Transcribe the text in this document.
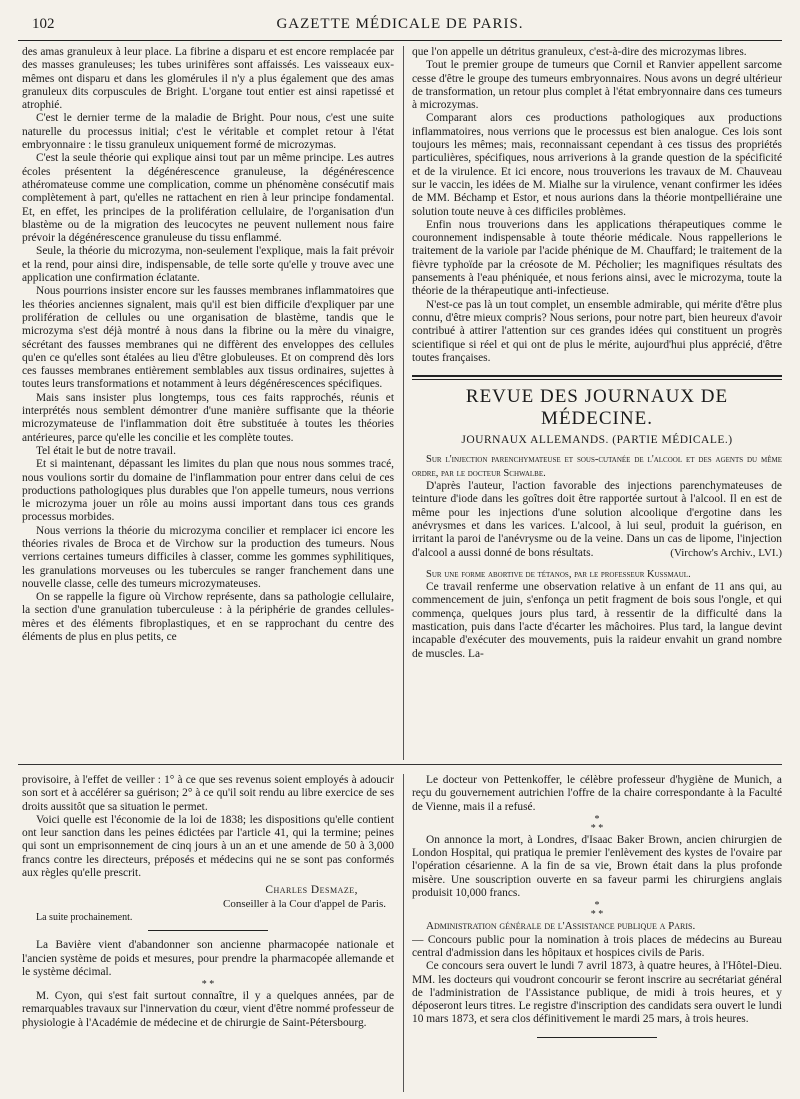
102	GAZETTE MÉDICALE DE PARIS.

des amas granuleux à leur place. La fibrine a disparu et est encore remplacée par des masses granuleuses; les tubes urinifères sont affaissés. Les vaisseaux eux-mêmes ont disparu et dans les glomérules il n'y a plus également que des amas granuleux dits corpuscules de Bright. L'organe tout entier est ainsi rapetissé et atrophié.

C'est le dernier terme de la maladie de Bright. Pour nous, c'est une suite naturelle du processus initial; c'est le véritable et complet retour à l'état embryonnaire : le tissu granuleux uniquement formé de microzymas.

C'est la seule théorie qui explique ainsi tout par un même principe. Les autres écoles présentent la dégénérescence granuleuse, la dégénérescence athéromateuse comme une complication, comme un phénomène consécutif mais complètement à part, qu'elles ne rattachent en rien à leur principe fondamental. Et, en effet, les principes de la prolifération cellulaire, de l'organisation d'un blastème ou de la migration des leucocytes ne peuvent nullement nous faire prévoir la dégénérescence granuleuse du tissu enflammé.

Seule, la théorie du microzyma, non-seulement l'explique, mais la fait prévoir et la rend, pour ainsi dire, indispensable, de telle sorte qu'elle y trouve avec une application une confirmation éclatante.

Nous pourrions insister encore sur les fausses membranes inflammatoires que les théories anciennes signalent, mais qu'il est bien difficile d'expliquer par une prolifération de cellules ou une organisation de blastème, tandis que le microzyma s'est déjà montré à nous dans la fibrine ou la mère du vinaigre, sécrétant des fausses membranes qui ne diffèrent des enveloppes des cellules qu'en ce qu'elles sont étalées au lieu d'être globuleuses. Et on comprend dès lors ces fausses membranes entièrement semblables aux tissus ordinaires, sujettes à toutes leurs transformations et notamment à leurs dégénérescences spécifiques.

Mais sans insister plus longtemps, tous ces faits rapprochés, réunis et interprétés nous semblent démontrer d'une manière suffisante que la théorie microzymateuse de l'inflammation doit être substituée à toutes les théories antérieures, parce qu'elle les concilie et les complète toutes.

Tel était le but de notre travail.

Et si maintenant, dépassant les limites du plan que nous nous sommes tracé, nous voulions sortir du domaine de l'inflammation pour entrer dans celui de ces productions pathologiques plus durables que l'on appelle tumeurs, nous verrions le microzyma jouer un rôle au moins aussi important dans tous ces grands processus morbides.

Nous verrions la théorie du microzyma concilier et remplacer ici encore les théories rivales de Broca et de Virchow sur la production des tumeurs. Nous verrions certaines tumeurs difficiles à classer, comme les gommes syphilitiques, les granulations morveuses ou les tubercules se ranger franchement dans une nouvelle classe, celle des tumeurs microzymateuses.

On se rappelle la figure où Virchow représente, dans sa pathologie cellulaire, la section d'une granulation tuberculeuse : à la périphérie de grandes cellules-mères et des éléments fibroplastiques, et en se rapprochant du centre des éléments de plus en plus petits, ce

que l'on appelle un détritus granuleux, c'est-à-dire des microzymas libres.

Tout le premier groupe de tumeurs que Cornil et Ranvier appellent sarcome cesse d'être le groupe des tumeurs embryonnaires. Nous avons un degré ultérieur de transformation, un retour plus complet à l'état embryonnaire dans ces tumeurs à microzymas.

Comparant alors ces productions pathologiques aux productions inflammatoires, nous verrions que le processus est bien analogue. Ces lois sont toujours les mêmes; mais, reconnaissant cependant à ces tissus des propriétés particulières, spécifiques, nous arriverions à la grande question de la spécificité et de la virulence. Et ici encore, nous trouverions les travaux de M. Chauveau sur le vaccin, les idées de M. Mialhe sur la virulence, venant confirmer les idées de MM. Béchamp et Estor, et nous aurions dans la théorie montpelliéraine une solution toute neuve à ces difficiles problèmes.

Enfin nous trouverions dans les applications thérapeutiques comme le couronnement indispensable à toute théorie médicale. Nous rappellerions le traitement de la variole par l'acide phénique de M. Chauffard; le traitement de la fièvre typhoïde par la créosote de M. Pécholier; les magnifiques résultats des pansements à l'eau phéniquée, et nous ferions ainsi, avec le microzyma, toute la théorie de la thérapeutique anti-infectieuse.

N'est-ce pas là un tout complet, un ensemble admirable, qui mérite d'être plus connu, d'être mieux compris? Nous serions, pour notre part, bien heureux d'avoir contribué à attirer l'attention sur ces grandes idées qui constituent un progrès scientifique si réel et qui ont de plus le mérite, aujourd'hui plus apprécié, d'être toutes françaises.

REVUE DES JOURNAUX DE MÉDECINE.
JOURNAUX ALLEMANDS. (PARTIE MÉDICALE.)

Sur l'injection parenchymateuse et sous-cutanée de l'alcool et des agents du même ordre, par le docteur Schwalbe.

D'après l'auteur, l'action favorable des injections parenchymateuses de teinture d'iode dans les goîtres doit être rapportée surtout à l'alcool. Il en est de même pour les injections d'une solution alcoolique d'ergotine dans les anévrysmes et dans les varices. L'alcool, à lui seul, produit la guérison, en irritant la paroi de l'anévrysme ou de la veine. Dans un cas de lipome, l'injection d'alcool a aussi donné de bons résultats.	(Virchow's Archiv., LVI.)

Sur une forme abortive de tétanos, par le professeur Kussmaul.

Ce travail renferme une observation relative à un enfant de 11 ans qui, au commencement de juin, s'enfonça un petit fragment de bois sous l'ongle, et qui commença, quelques jours plus tard, à ressentir de la difficulté dans la mastication, puis dans l'acte d'écarter les mâchoires. Plus tard, la langue devint incapable d'exécuter des mouvements, puis la raideur envahit un grand nombre de muscles. La-

provisoire, à l'effet de veiller : 1° à ce que ses revenus soient employés à adoucir son sort et à accélérer sa guérison; 2° à ce qu'il soit rendu au libre exercice de ses droits aussitôt que sa situation le permet.

Voici quelle est l'économie de la loi de 1838; les dispositions qu'elle contient ont leur sanction dans les peines édictées par l'article 41, qui la termine; peines qui sont un emprisonnement de cinq jours à un an et une amende de 50 à 3,000 francs contre les directeurs, préposés et médecins qui ne se sont pas conformés aux règles qu'elle prescrit.

Charles Desmaze,
Conseiller à la Cour d'appel de Paris.

La suite prochainement.

La Bavière vient d'abandonner son ancienne pharmacopée nationale et l'ancien système de poids et mesures, pour prendre la pharmacopée allemande et le système décimal.

* *

M. Cyon, qui s'est fait surtout connaître, il y a quelques années, par de remarquables travaux sur l'innervation du cœur, vient d'être nommé professeur de physiologie à l'Académie de médecine et de chirurgie de Saint-Pétersbourg.

Le docteur von Pettenkoffer, le célèbre professeur d'hygiène de Munich, a reçu du gouvernement autrichien l'offre de la chaire correspondante à la Faculté de Vienne, mais il a refusé.

*
* *

On annonce la mort, à Londres, d'Isaac Baker Brown, ancien chirurgien de London Hospital, qui pratiqua le premier l'enlèvement des kystes de l'ovaire par l'opération césarienne. A la fin de sa vie, Brown était dans la plus profonde misère. Une souscription ouverte en sa faveur parmi les chirurgiens anglais produisit 10,000 francs.

*
* *

Administration générale de l'Assistance publique a Paris.

— Concours public pour la nomination à trois places de médecins au Bureau central d'admission dans les hôpitaux et hospices civils de Paris.

Ce concours sera ouvert le lundi 7 avril 1873, à quatre heures, à l'Hôtel-Dieu. MM. les docteurs qui voudront concourir se feront inscrire au secrétariat général de l'administration de l'Assistance publique, de midi à trois heures, et y déposeront leurs titres. Le registre d'inscription des candidats sera ouvert le lundi 10 mars 1873, et sera clos définitivement le mardi 25 mars, à trois heures.
